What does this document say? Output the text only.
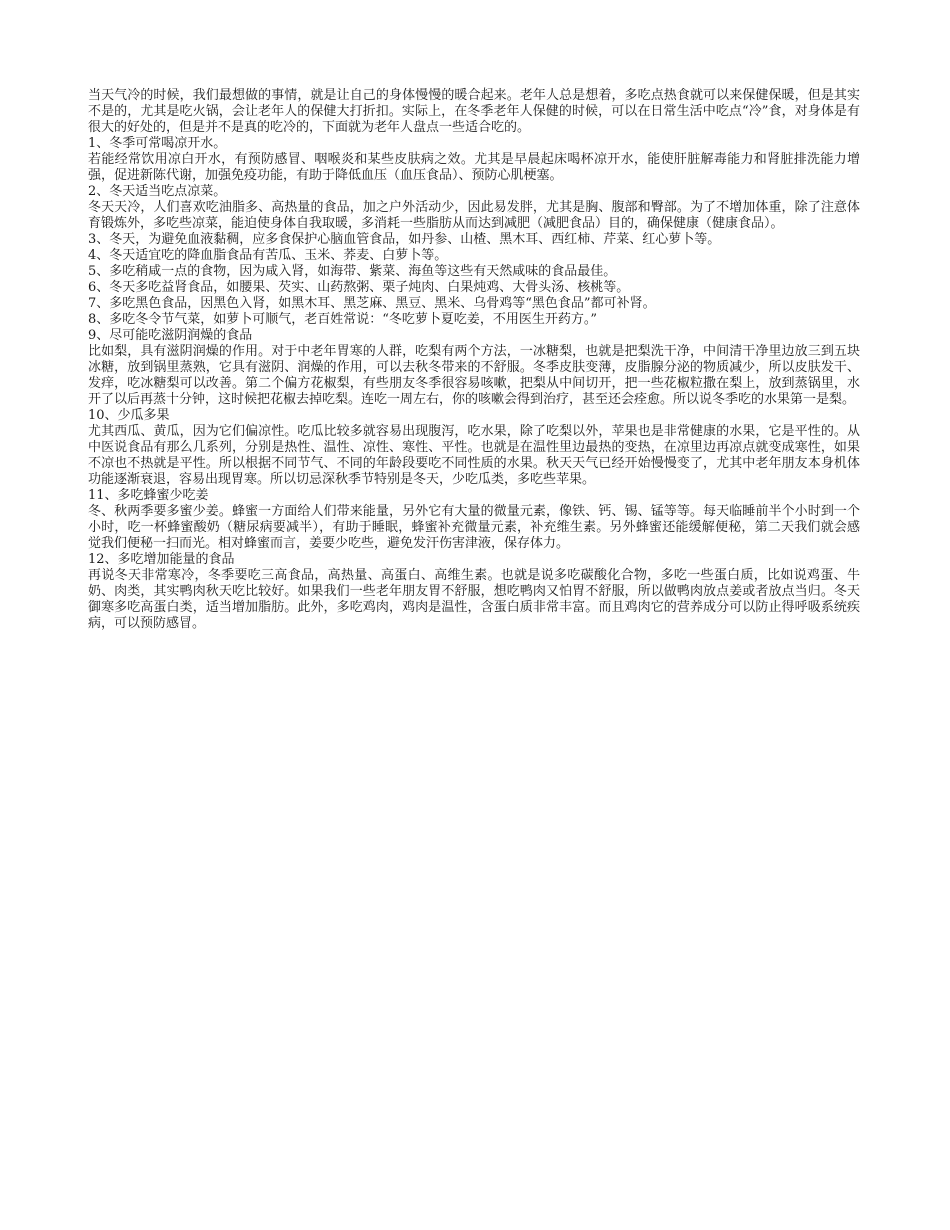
当天气冷的时候，我们最想做的事情，就是让自己的身体慢慢的暖合起来。老年人总是想着，多吃点热食就可以来保健保暖，但是其实不是的，尤其是吃火锅，会让老年人的保健大打折扣。实际上，在冬季老年人保健的时候，可以在日常生活中吃点“冷”食，对身体是有很大的好处的，但是并不是真的吃冷的，下面就为老年人盘点一些适合吃的。

1、冬季可常喝凉开水。

若能经常饮用凉白开水，有预防感冒、咽喉炎和某些皮肤病之效。尤其是早晨起床喝杯凉开水，能使肝脏解毒能力和肾脏排洗能力增强，促进新陈代谢，加强免疫功能，有助于降低血压（血压食品）、预防心肌梗塞。

2、冬天适当吃点凉菜。

冬天天冷，人们喜欢吃油脂多、高热量的食品，加之户外活动少，因此易发胖，尤其是胸、腹部和臀部。为了不增加体重，除了注意体育锻炼外，多吃些凉菜，能迫使身体自我取暖，多消耗一些脂肪从而达到减肥（减肥食品）目的，确保健康（健康食品）。

3、冬天，为避免血液黏稠，应多食保护心脑血管食品，如丹参、山楂、黑木耳、西红柿、芹菜、红心萝卜等。

4、冬天适宜吃的降血脂食品有苦瓜、玉米、荞麦、白萝卜等。

5、多吃稍咸一点的食物，因为咸入肾，如海带、紫菜、海鱼等这些有天然咸味的食品最佳。

6、冬天多吃益肾食品，如腰果、芡实、山药熬粥、栗子炖肉、白果炖鸡、大骨头汤、核桃等。

7、多吃黑色食品，因黑色入肾，如黑木耳、黑芝麻、黑豆、黑米、乌骨鸡等“黑色食品”都可补肾。

8、多吃冬令节气菜，如萝卜可顺气，老百姓常说：“冬吃萝卜夏吃姜，不用医生开药方。”

9、尽可能吃滋阴润燥的食品

比如梨，具有滋阴润燥的作用。对于中老年胃寒的人群，吃梨有两个方法，一冰糖梨，也就是把梨洗干净，中间清干净里边放三到五块冰糖，放到锅里蒸熟，它具有滋阴、润燥的作用，可以去秋冬带来的不舒服。冬季皮肤变薄，皮脂腺分泌的物质减少，所以皮肤发干、发痒，吃冰糖梨可以改善。第二个偏方花椒梨，有些朋友冬季很容易咳嗽，把梨从中间切开，把一些花椒粒撒在梨上，放到蒸锅里，水开了以后再蒸十分钟，这时候把花椒去掉吃梨。连吃一周左右，你的咳嗽会得到治疗，甚至还会痊愈。所以说冬季吃的水果第一是梨。

10、少瓜多果

尤其西瓜、黄瓜，因为它们偏凉性。吃瓜比较多就容易出现腹泻，吃水果，除了吃梨以外，苹果也是非常健康的水果，它是平性的。从中医说食品有那么几系列，分别是热性、温性、凉性、寒性、平性。也就是在温性里边最热的变热，在凉里边再凉点就变成寒性，如果不凉也不热就是平性。所以根据不同节气、不同的年龄段要吃不同性质的水果。秋天天气已经开始慢慢变了，尤其中老年朋友本身机体功能逐渐衰退，容易出现胃寒。所以切忌深秋季节特别是冬天，少吃瓜类，多吃些苹果。

11、多吃蜂蜜少吃姜

冬、秋两季要多蜜少姜。蜂蜜一方面给人们带来能量，另外它有大量的微量元素，像铁、钙、锡、锰等等。每天临睡前半个小时到一个小时，吃一杯蜂蜜酸奶（糖尿病要减半），有助于睡眠，蜂蜜补充微量元素，补充维生素。另外蜂蜜还能缓解便秘，第二天我们就会感觉我们便秘一扫而光。相对蜂蜜而言，姜要少吃些，避免发汗伤害津液，保存体力。

12、多吃增加能量的食品

再说冬天非常寒冷，冬季要吃三高食品，高热量、高蛋白、高维生素。也就是说多吃碳酸化合物，多吃一些蛋白质，比如说鸡蛋、牛奶、肉类，其实鸭肉秋天吃比较好。如果我们一些老年朋友胃不舒服，想吃鸭肉又怕胃不舒服，所以做鸭肉放点姜或者放点当归。冬天御寒多吃高蛋白类，适当增加脂肪。此外，多吃鸡肉，鸡肉是温性，含蛋白质非常丰富。而且鸡肉它的营养成分可以防止得呼吸系统疾病，可以预防感冒。
